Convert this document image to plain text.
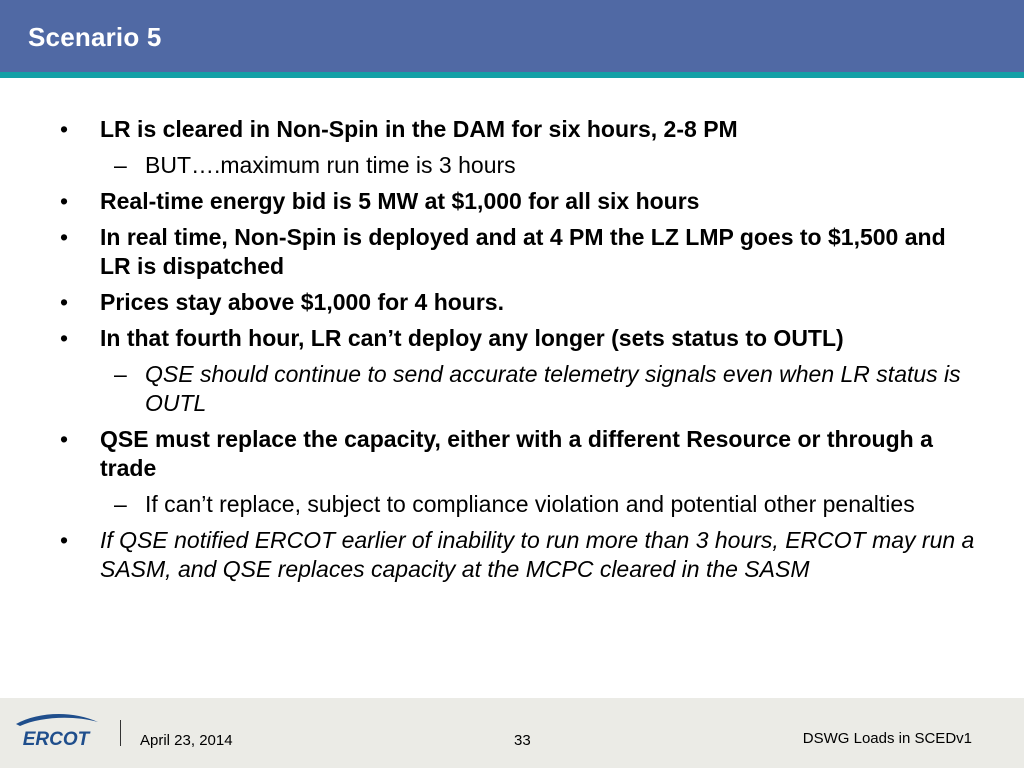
Scenario 5
• LR is cleared in Non-Spin in the DAM for six hours, 2-8 PM
– BUT….maximum run time is 3 hours
• Real-time energy bid is 5 MW at $1,000 for all six hours
• In real time, Non-Spin is deployed and at 4 PM the LZ LMP goes to $1,500 and LR is dispatched
• Prices stay above $1,000 for 4 hours.
• In that fourth hour, LR can’t deploy any longer (sets status to OUTL)
– QSE should continue to send accurate telemetry signals even when LR status is OUTL
• QSE must replace the capacity, either with a different Resource or through a trade
– If can’t replace, subject to compliance violation and potential other penalties
• If QSE notified ERCOT earlier of inability to run more than 3 hours, ERCOT may run a SASM, and QSE replaces capacity at the MCPC cleared in the SASM
ERCOT	April 23, 2014	33	DSWG Loads in SCEDv1
